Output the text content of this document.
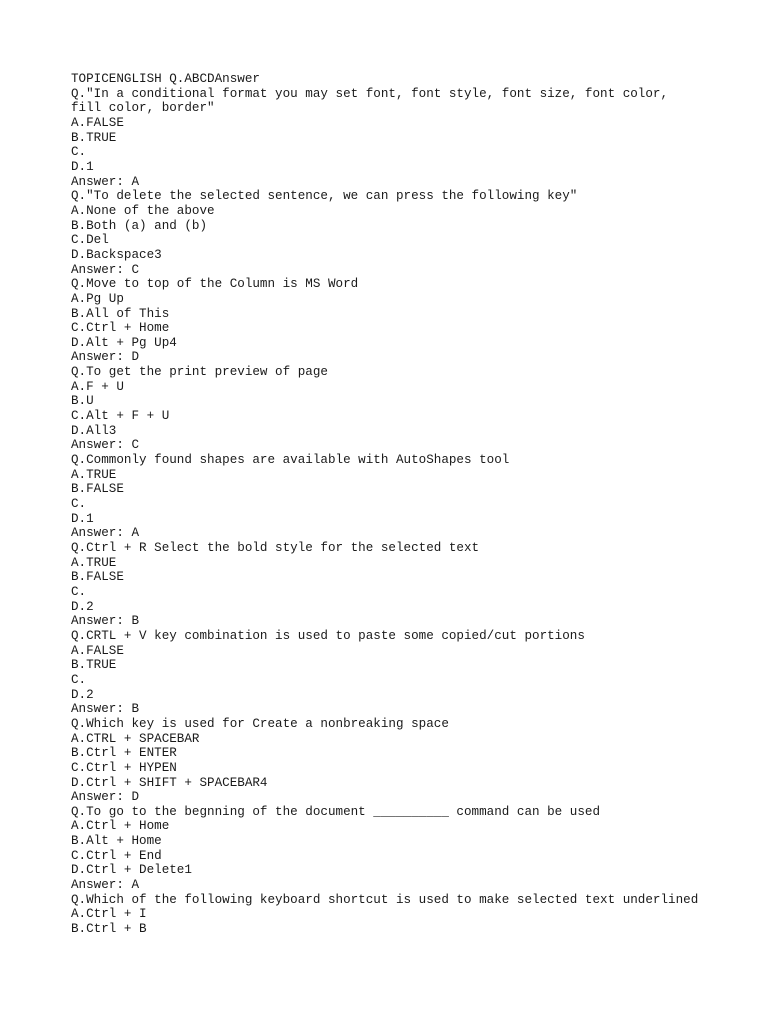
TOPICENGLISH Q.ABCDAnswer
Q."In a conditional format you may set font, font style, font size, font color,
fill color, border"
A.FALSE
B.TRUE
C.
D.1
Answer: A
Q."To delete the selected sentence, we can press the following key"
A.None of the above
B.Both (a) and (b)
C.Del
D.Backspace3
Answer: C
Q.Move to top of the Column is MS Word
A.Pg Up
B.All of This
C.Ctrl + Home
D.Alt + Pg Up4
Answer: D
Q.To get the print preview of page
A.F + U
B.U
C.Alt + F + U
D.All3
Answer: C
Q.Commonly found shapes are available with AutoShapes tool
A.TRUE
B.FALSE
C.
D.1
Answer: A
Q.Ctrl + R Select the bold style for the selected text
A.TRUE
B.FALSE
C.
D.2
Answer: B
Q.CRTL + V key combination is used to paste some copied/cut portions
A.FALSE
B.TRUE
C.
D.2
Answer: B
Q.Which key is used for Create a nonbreaking space
A.CTRL + SPACEBAR
B.Ctrl + ENTER
C.Ctrl + HYPEN
D.Ctrl + SHIFT + SPACEBAR4
Answer: D
Q.To go to the begnning of the document __________ command can be used
A.Ctrl + Home
B.Alt + Home
C.Ctrl + End
D.Ctrl + Delete1
Answer: A
Q.Which of the following keyboard shortcut is used to make selected text underlined
A.Ctrl + I
B.Ctrl + B
